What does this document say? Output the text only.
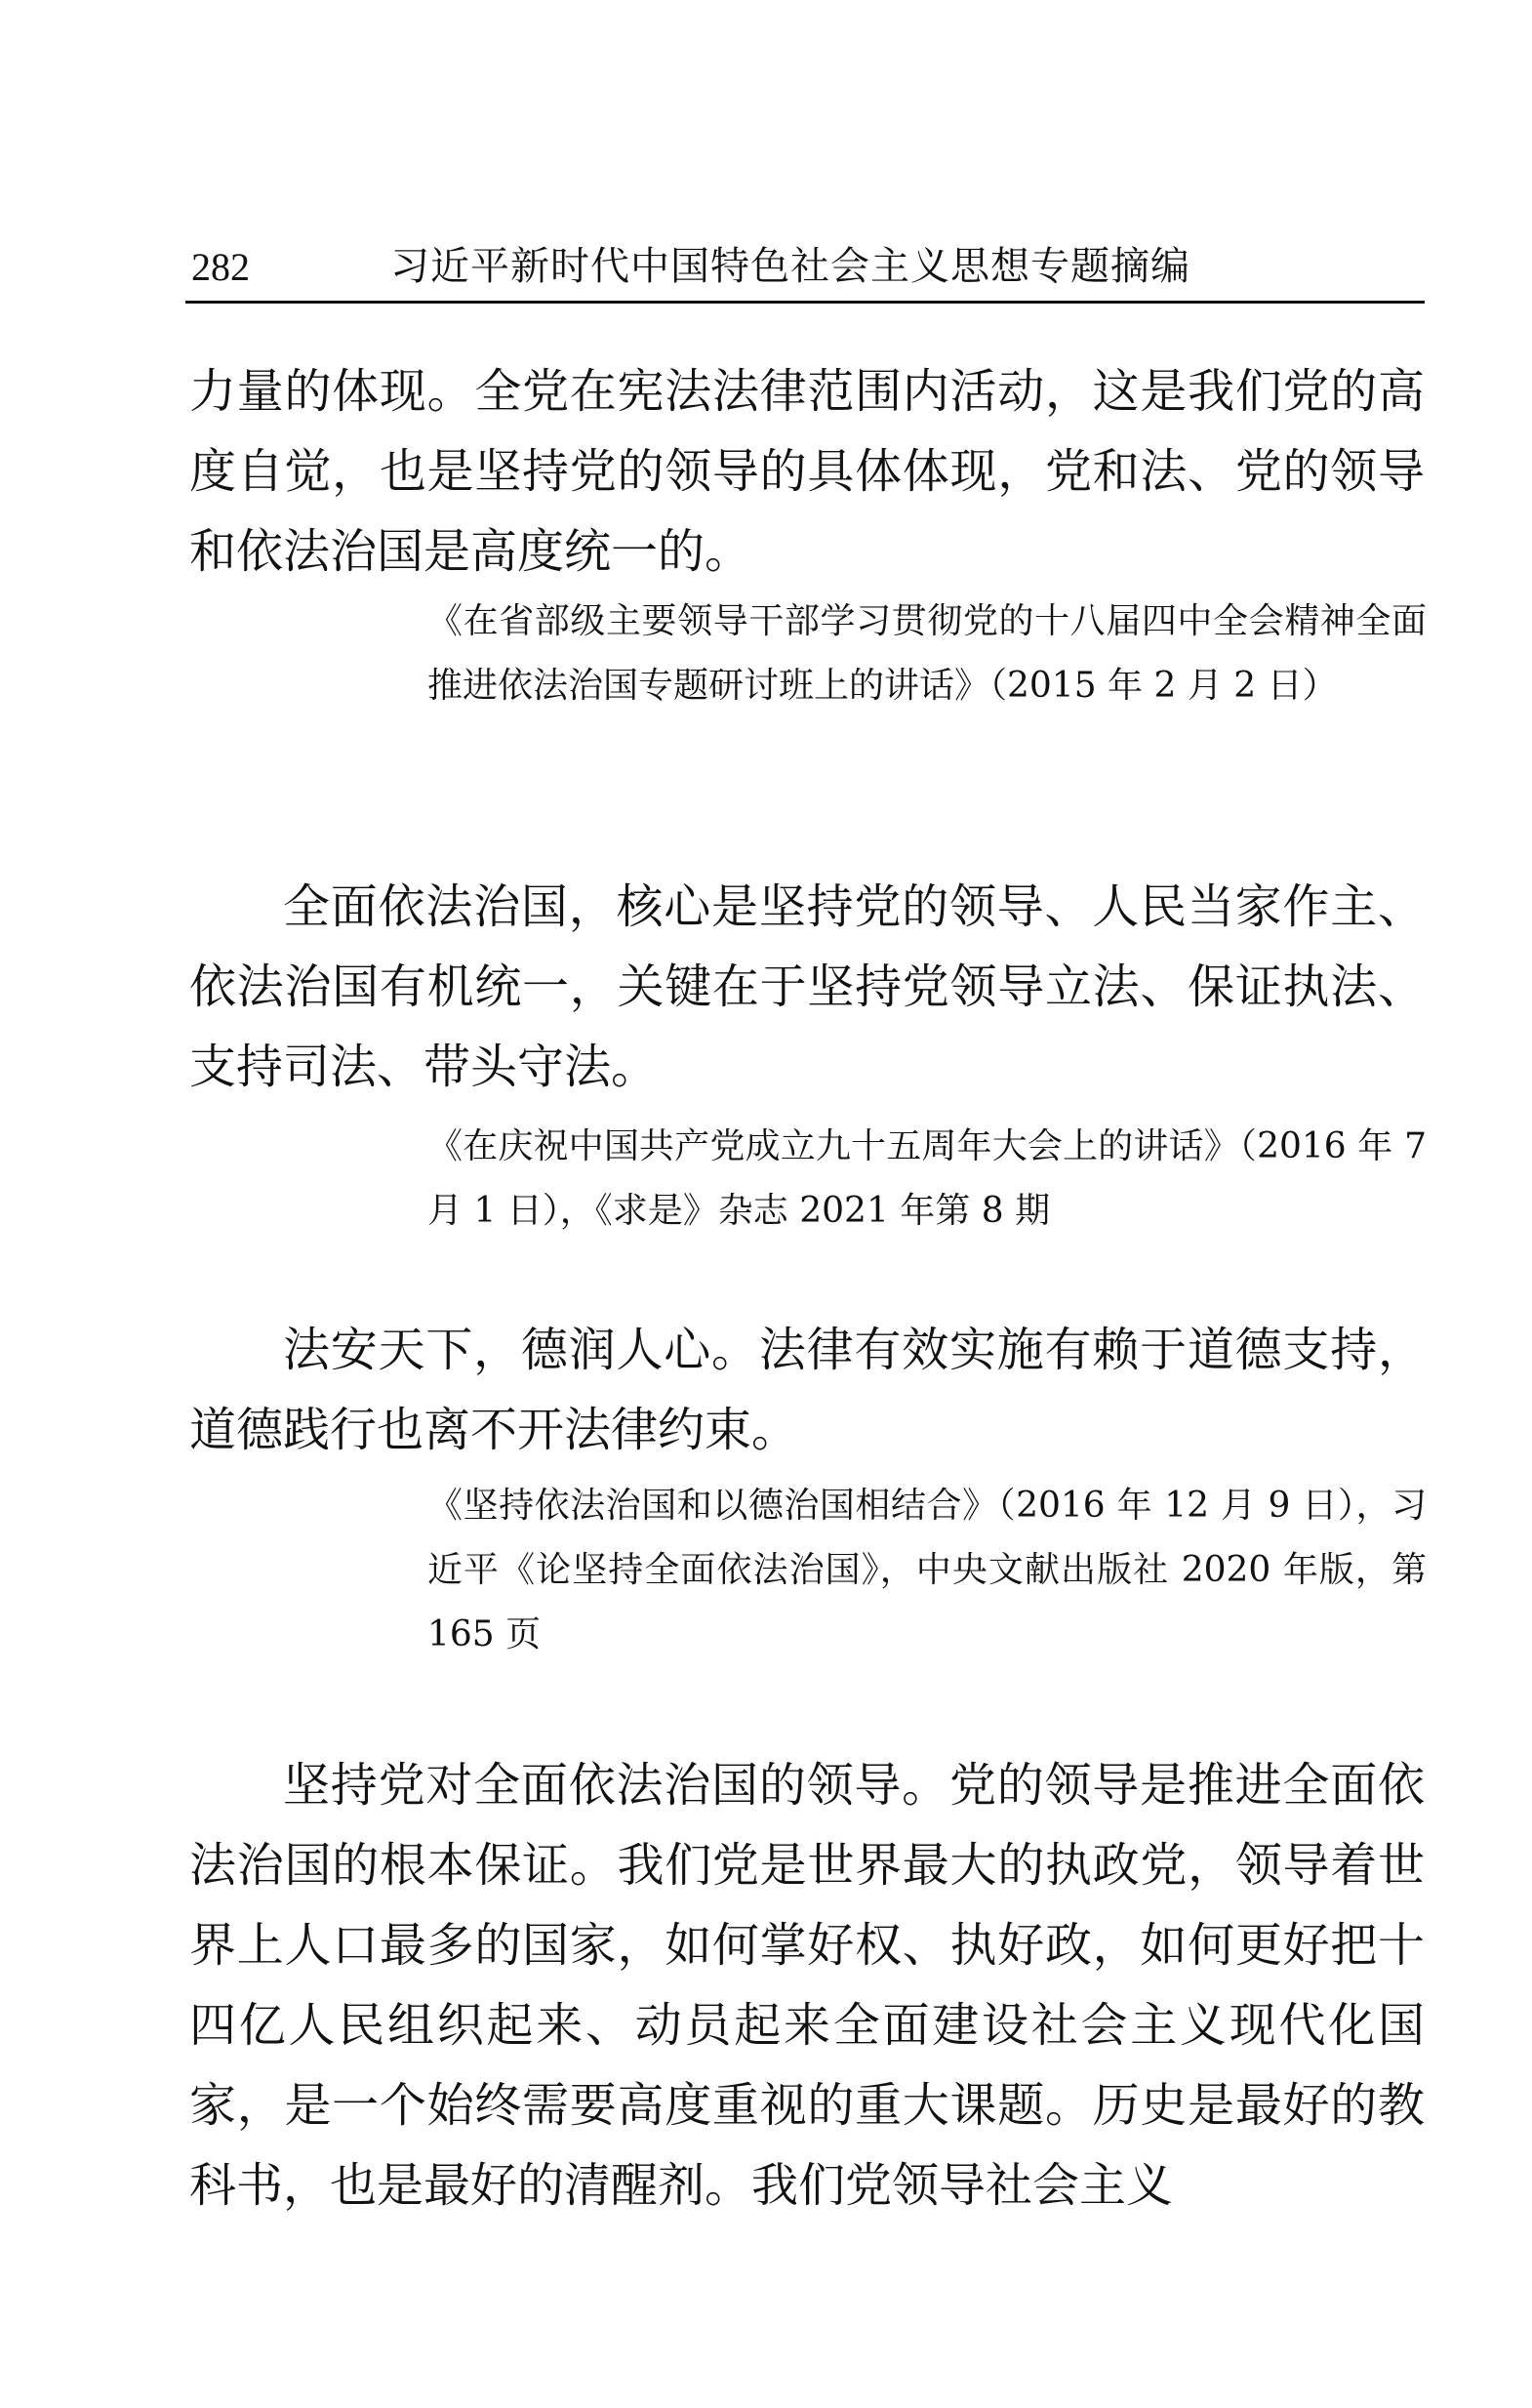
282	习近平新时代中国特色社会主义思想专题摘编

力量的体现。全党在宪法法律范围内活动，这是我们党的高度自觉，也是坚持党的领导的具体体现，党和法、党的领导和依法治国是高度统一的。

《在省部级主要领导干部学习贯彻党的十八届四中全会精神全面推进依法治国专题研讨班上的讲话》（2015 年 2 月 2 日）

全面依法治国，核心是坚持党的领导、人民当家作主、依法治国有机统一，关键在于坚持党领导立法、保证执法、支持司法、带头守法。

《在庆祝中国共产党成立九十五周年大会上的讲话》（2016 年 7 月 1 日），《求是》杂志 2021 年第 8 期

法安天下，德润人心。法律有效实施有赖于道德支持，道德践行也离不开法律约束。

《坚持依法治国和以德治国相结合》（2016 年 12 月 9 日），习近平《论坚持全面依法治国》，中央文献出版社 2020 年版，第 165 页

坚持党对全面依法治国的领导。党的领导是推进全面依法治国的根本保证。我们党是世界最大的执政党，领导着世界上人口最多的国家，如何掌好权、执好政，如何更好把十四亿人民组织起来、动员起来全面建设社会主义现代化国家，是一个始终需要高度重视的重大课题。历史是最好的教科书，也是最好的清醒剂。我们党领导社会主义
